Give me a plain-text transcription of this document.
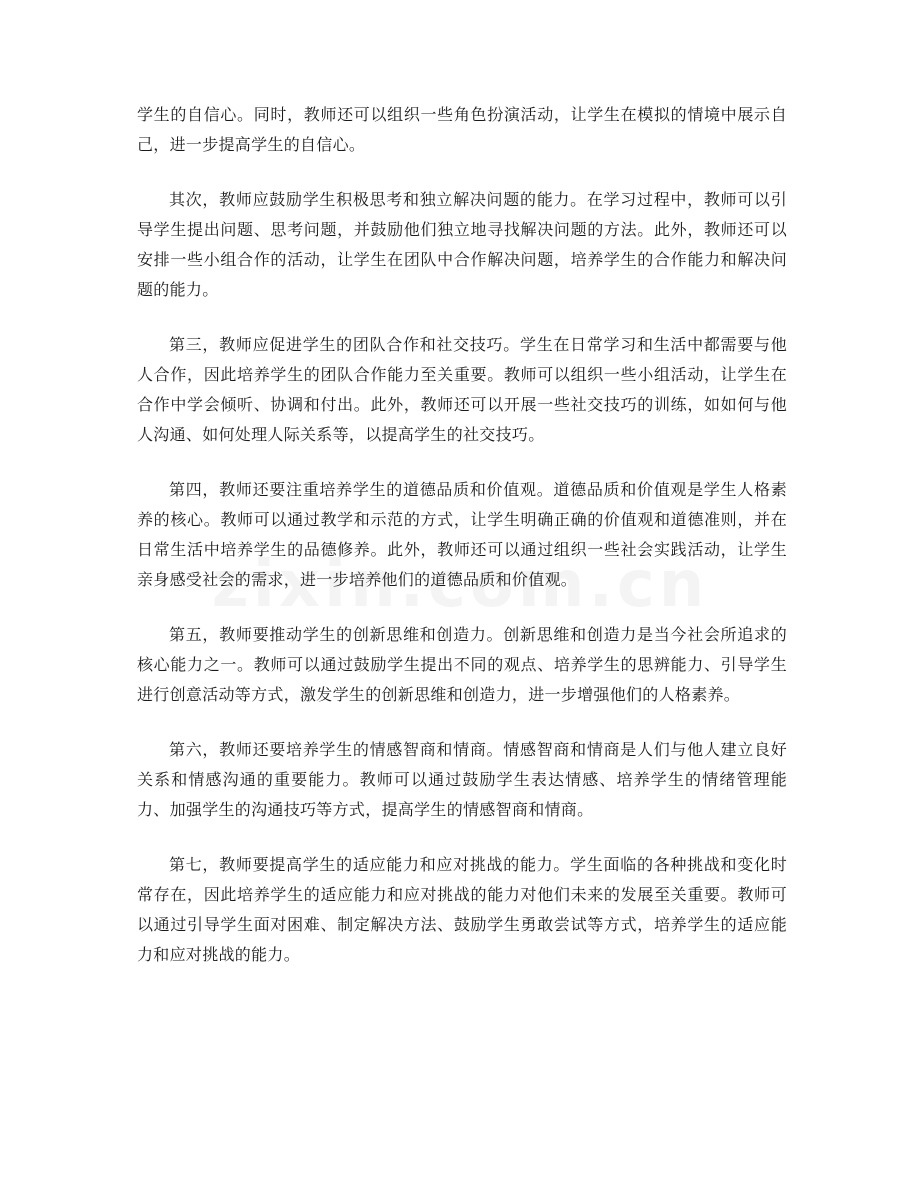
学生的自信心。同时，教师还可以组织一些角色扮演活动，让学生在模拟的情境中展示自己，进一步提高学生的自信心。

其次，教师应鼓励学生积极思考和独立解决问题的能力。在学习过程中，教师可以引导学生提出问题、思考问题，并鼓励他们独立地寻找解决问题的方法。此外，教师还可以安排一些小组合作的活动，让学生在团队中合作解决问题，培养学生的合作能力和解决问题的能力。

第三，教师应促进学生的团队合作和社交技巧。学生在日常学习和生活中都需要与他人合作，因此培养学生的团队合作能力至关重要。教师可以组织一些小组活动，让学生在合作中学会倾听、协调和付出。此外，教师还可以开展一些社交技巧的训练，如如何与他人沟通、如何处理人际关系等，以提高学生的社交技巧。

第四，教师还要注重培养学生的道德品质和价值观。道德品质和价值观是学生人格素养的核心。教师可以通过教学和示范的方式，让学生明确正确的价值观和道德准则，并在日常生活中培养学生的品德修养。此外，教师还可以通过组织一些社会实践活动，让学生亲身感受社会的需求，进一步培养他们的道德品质和价值观。

第五，教师要推动学生的创新思维和创造力。创新思维和创造力是当今社会所追求的核心能力之一。教师可以通过鼓励学生提出不同的观点、培养学生的思辨能力、引导学生进行创意活动等方式，激发学生的创新思维和创造力，进一步增强他们的人格素养。

第六，教师还要培养学生的情感智商和情商。情感智商和情商是人们与他人建立良好关系和情感沟通的重要能力。教师可以通过鼓励学生表达情感、培养学生的情绪管理能力、加强学生的沟通技巧等方式，提高学生的情感智商和情商。

第七，教师要提高学生的适应能力和应对挑战的能力。学生面临的各种挑战和变化时常存在，因此培养学生的适应能力和应对挑战的能力对他们未来的发展至关重要。教师可以通过引导学生面对困难、制定解决方法、鼓励学生勇敢尝试等方式，培养学生的适应能力和应对挑战的能力。
